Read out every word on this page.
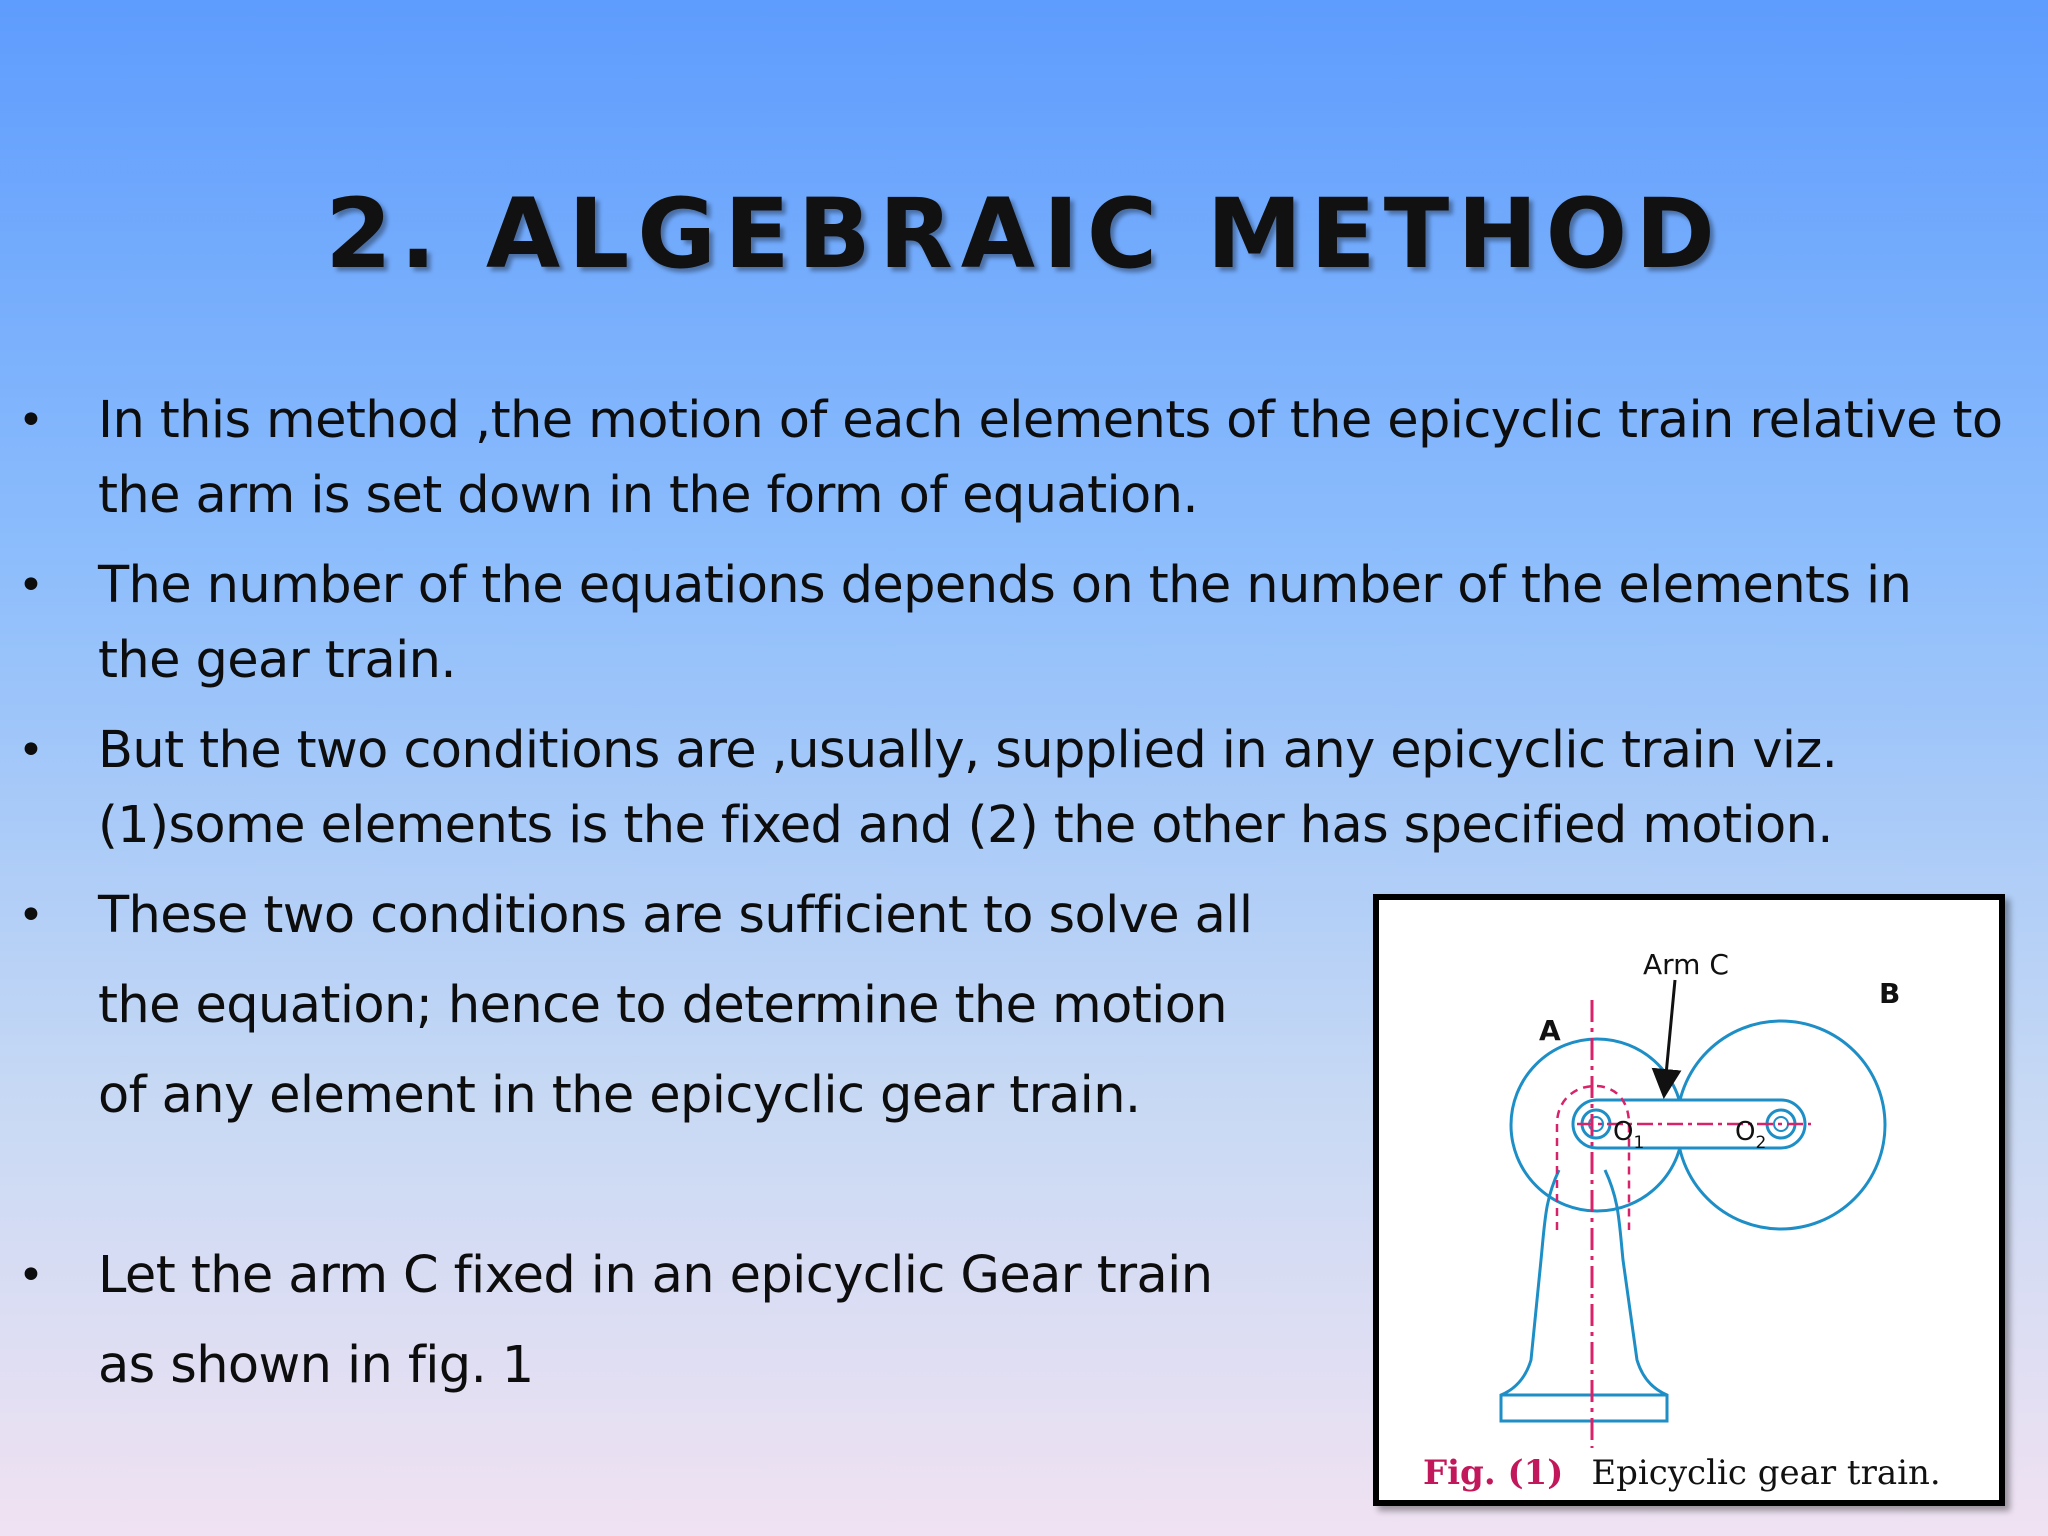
2. ALGEBRAIC METHOD
• In this method ,the motion of each elements of the epicyclic train relative to
the arm is set down in the form of equation.
• The number of the equations depends on the number of the elements in
the gear train.
• But the two conditions are ,usually, supplied in any epicyclic train viz.
(1)some elements is the fixed and (2) the other has specified motion.
• These two conditions are sufficient to solve all
the equation; hence to determine the motion
of any element in the epicyclic gear train.
• Let the arm C fixed in an epicyclic Gear train
as shown in fig. 1
Arm C
A
B
$O_1$	$O_2$
Fig. (1) Epicyclic gear train.
